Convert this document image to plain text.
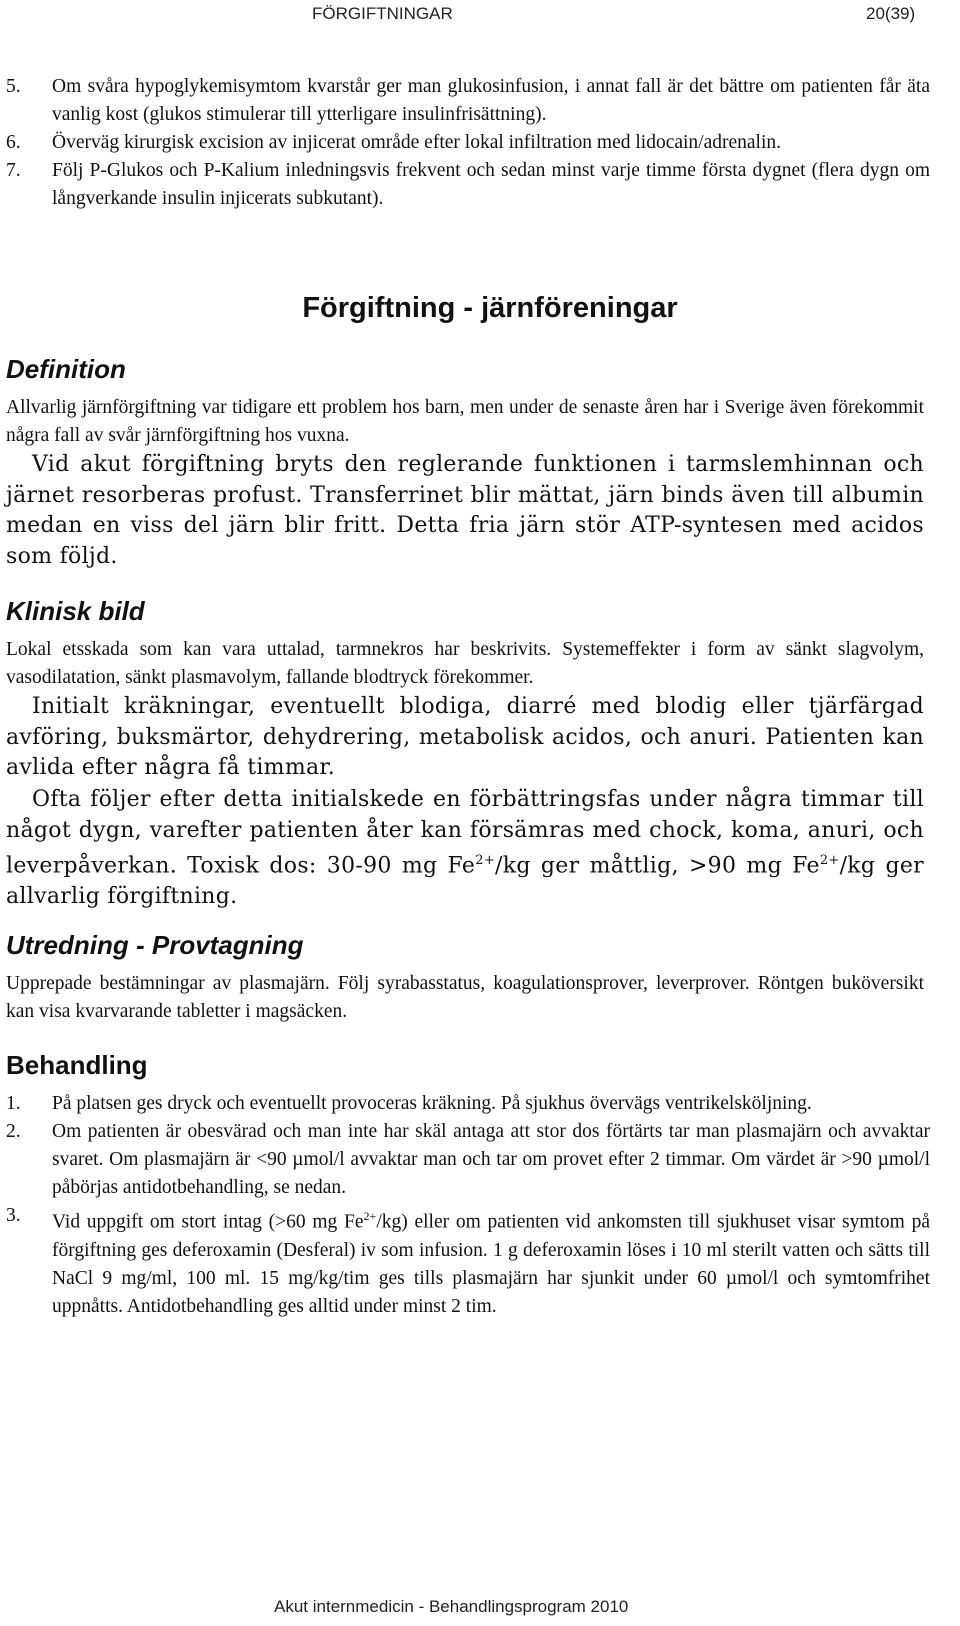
FÖRGIFTNINGAR	20(39)
5. Om svåra hypoglykemisymtom kvarstår ger man glukosinfusion, i annat fall är det bättre om patienten får äta vanlig kost (glukos stimulerar till ytterligare insulinfrisättning).
6. Överväg kirurgisk excision av injicerat område efter lokal infiltration med lidocain/adrenalin.
7. Följ P-Glukos och P-Kalium inledningsvis frekvent och sedan minst varje timme första dygnet (flera dygn om långverkande insulin injicerats subkutant).
Förgiftning - järnföreningar
Definition

Allvarlig järnförgiftning var tidigare ett problem hos barn, men under de senaste åren har i Sverige även förekommit några fall av svår järnförgiftning hos vuxna.

Vid akut förgiftning bryts den reglerande funktionen i tarmslemhinnan och järnet resorberas profust. Transferrinet blir mättat, järn binds även till albumin medan en viss del järn blir fritt. Detta fria järn stör ATP-syntesen med acidos som följd.

Klinisk bild

Lokal etsskada som kan vara uttalad, tarmnekros har beskrivits. Systemeffekter i form av sänkt slagvolym, vasodilatation, sänkt plasmavolym, fallande blodtryck förekommer.

Initialt kräkningar, eventuellt blodiga, diarré med blodig eller tjärfärgad avföring, buksmärtor, dehydrering, metabolisk acidos, och anuri. Patienten kan avlida efter några få timmar.

Ofta följer efter detta initialskede en förbättringsfas under några timmar till något dygn, varefter patienten åter kan försämras med chock, koma, anuri, och leverpåverkan. Toxisk dos: 30-90 mg $Fe^{2+}/kg$ ger måttlig, >90 mg $Fe^{2+}/kg$ ger allvarlig förgiftning.

Utredning - Provtagning

Upprepade bestämningar av plasmajärn. Följ syrabasstatus, koagulationsprover, leverprover. Röntgen buköversikt kan visa kvarvarande tabletter i magsäcken.

Behandling
1. På platsen ges dryck och eventuellt provoceras kräkning. På sjukhus övervägs ventrikelsköljning.
2. Om patienten är obesvärad och man inte har skäl antaga att stor dos förtärts tar man plasmajärn och avvaktar svaret. Om plasmajärn är <90 µmol/l avvaktar man och tar om provet efter 2 timmar. Om värdet är >90 µmol/l påbörjas antidotbehandling, se nedan.
3. Vid uppgift om stort intag (>60 mg $Fe^{2+}/kg$) eller om patienten vid ankomsten till sjukhuset visar symtom på förgiftning ges deferoxamin (Desferal) iv som infusion. 1 g deferoxamin löses i 10 ml sterilt vatten och sätts till NaCl 9 mg/ml, 100 ml. 15 mg/kg/tim ges tills plasmajärn har sjunkit under 60 µmol/l och symtomfrihet uppnåtts. Antidotbehandling ges alltid under minst 2 tim.
Akut internmedicin - Behandlingsprogram 2010
